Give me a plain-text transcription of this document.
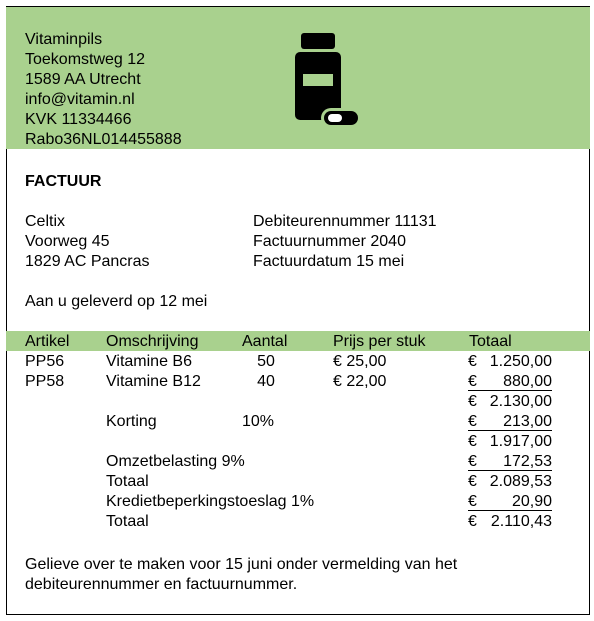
Vitaminpils
Toekomstweg 12
1589 AA Utrecht
info@vitamin.nl
KVK 11334466
Rabo36NL014455888
FACTUUR
Celtix
Voorweg 45
1829 AC Pancras
Debiteurennummer 11131
Factuurnummer 2040
Factuurdatum 15 mei
Aan u geleverd op 12 mei
Artikel Omschrijving	Aantal	Prijs per stuk	Totaal
PP56	Vitamine B6	50	€ 25,00	€ 1.250,00
PP58	Vitamine B12	40	€ 22,00	€ 880,00
€ 2.130,00
Korting	10%	€ 213,00
€ 1.917,00
Omzetbelasting 9%	€ 172,53
Totaal	€ 2.089,53
Kredietbeperkingstoeslag 1%	€ 20,90
Totaal	€ 2.110,43
Gelieve over te maken voor 15 juni onder vermelding van het
debiteurennummer en factuurnummer.
